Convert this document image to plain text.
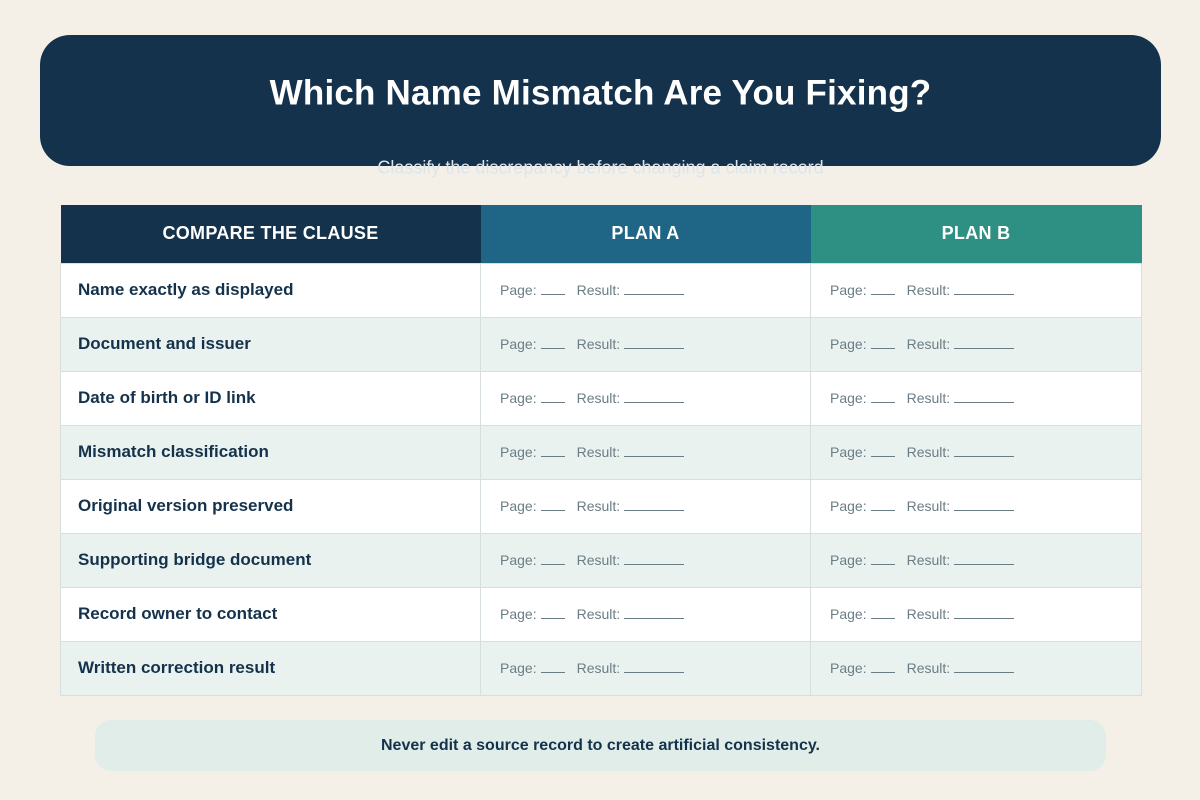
Which Name Mismatch Are You Fixing?
Classify the discrepancy before changing a claim record
COMPARE THE CLAUSE	PLAN A	PLAN B
Name exactly as displayed	Page: Result:	Page: Result:
Document and issuer	Page: Result:	Page: Result:
Date of birth or ID link	Page: Result:	Page: Result:
Mismatch classification	Page: Result:	Page: Result:
Original version preserved	Page: Result:	Page: Result:
Supporting bridge document	Page: Result:	Page: Result:
Record owner to contact	Page: Result:	Page: Result:
Written correction result	Page: Result:	Page: Result:
Never edit a source record to create artificial consistency.
